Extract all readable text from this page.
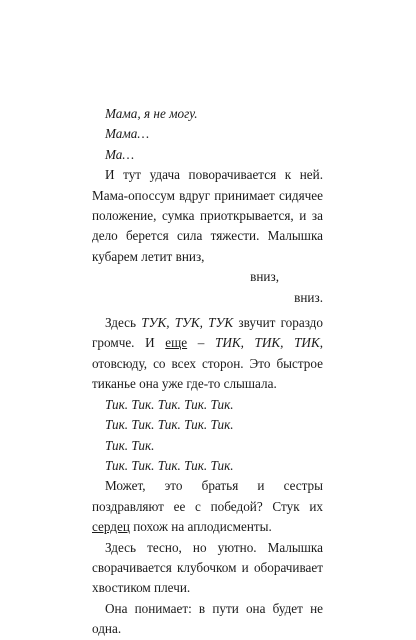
Мама, я не могу.

Мама…

Ма…

И тут удача поворачивается к ней. Мама-опоссум вдруг принимает сидячее положение, сумка приоткрывается, и за дело берется сила тяжести. Малышка кубарем летит вниз,

вниз,

вниз.

Здесь ТУК, ТУК, ТУК звучит гораздо громче. И еще – ТИК, ТИК, ТИК, отовсюду, со всех сторон. Это быстрое тиканье она уже где-то слышала.

Тик. Тик. Тик. Тик. Тик.

Тик. Тик. Тик. Тик. Тик.

Тик. Тик.

Тик. Тик. Тик. Тик. Тик.

Может, это братья и сестры поздравляют ее с победой? Стук их сердец похож на аплодисменты.

Здесь тесно, но уютно. Малышка сворачивается клубочком и оборачивает хвостиком плечи.

Она понимает: в пути она будет не одна.
